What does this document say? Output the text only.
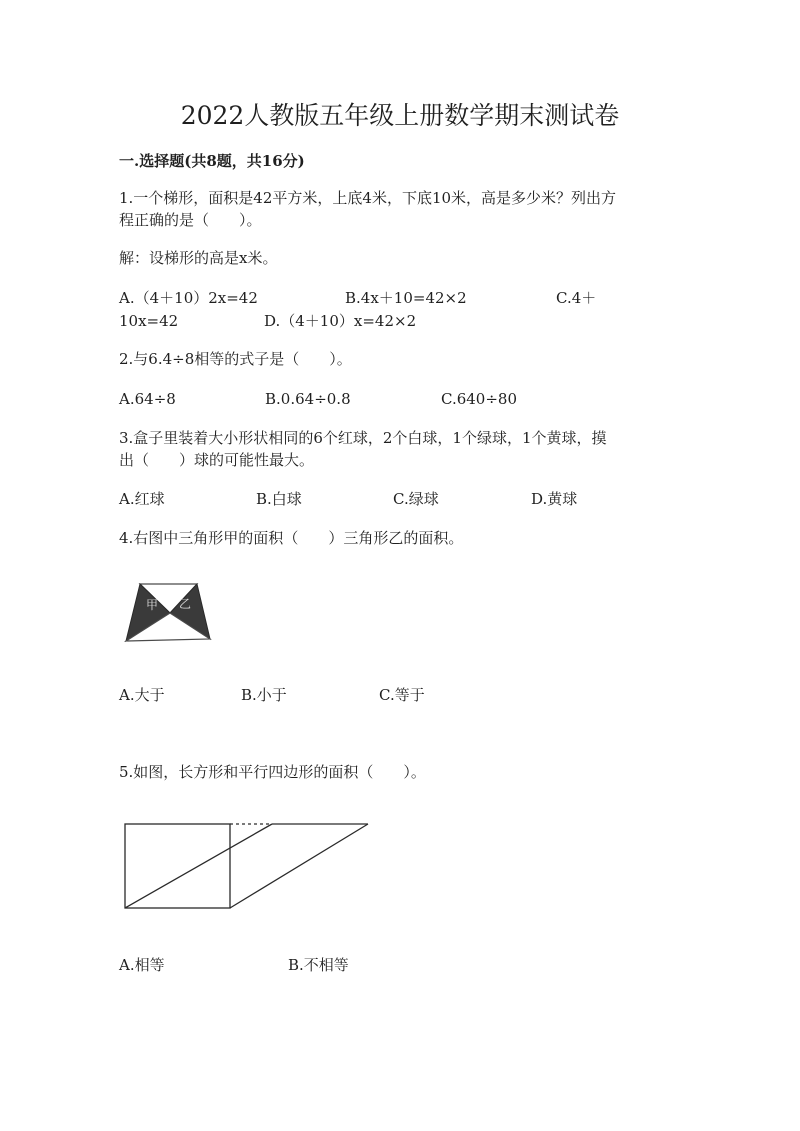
2022人教版五年级上册数学期末测试卷
一.选择题(共8题，共16分)
1.一个梯形，面积是42平方米，上底4米，下底10米，高是多少米？列出方
程正确的是（　　）。
解：设梯形的高是x米。
A.（4＋10）2x=42	B.4x＋10=42×2	C.4＋
10x=42	D.（4＋10）x=42×2
2.与6.4÷8相等的式子是（　　）。
A.64÷8	B.0.64÷0.8	C.640÷80
3.盒子里装着大小形状相同的6个红球，2个白球，1个绿球，1个黄球，摸
出（　　）球的可能性最大。
A.红球	B.白球	C.绿球	D.黄球
4.右图中三角形甲的面积（　　）三角形乙的面积。
甲 乙
A.大于	B.小于	C.等于
5.如图，长方形和平行四边形的面积（　　）。
A.相等	B.不相等
